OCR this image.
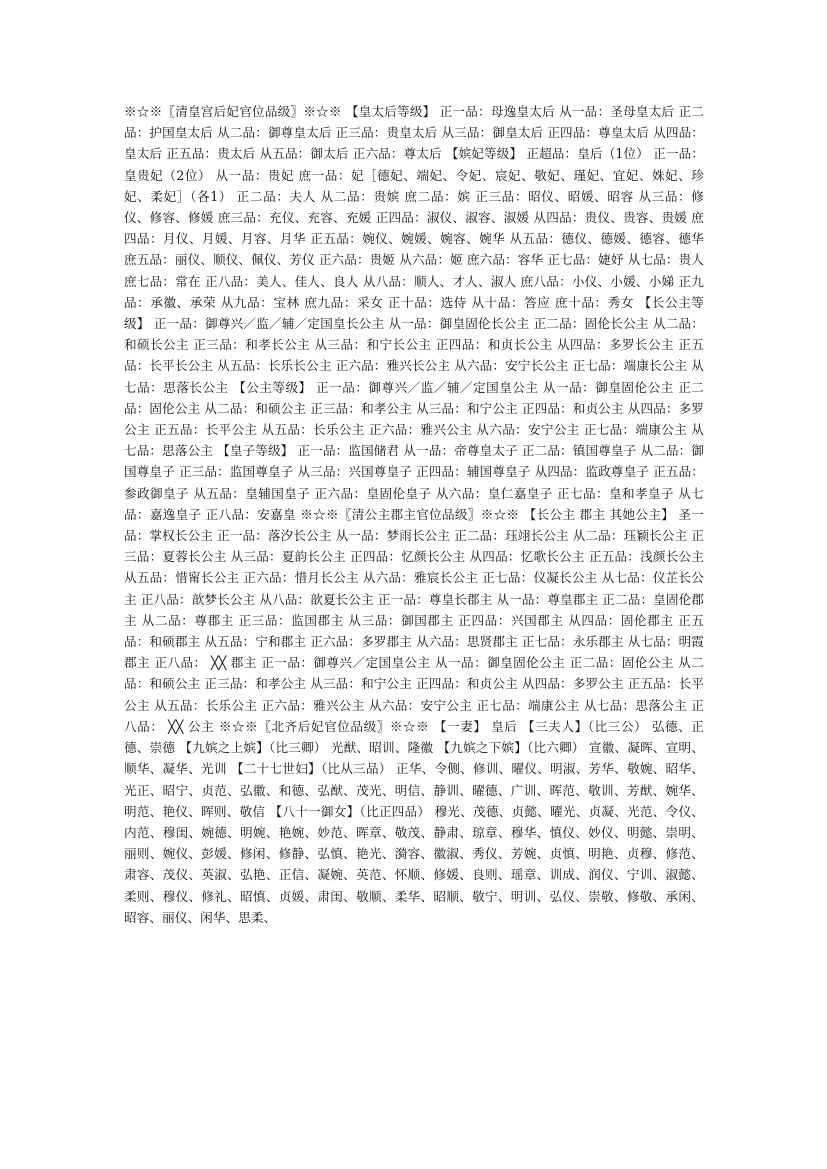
※☆※〖清皇宫后妃官位品级〗※☆※ 【皇太后等级】 正一品：母逸皇太后 从一品：圣母皇太后 正二品：护国皇太后 从二品：御尊皇太后 正三品：贵皇太后 从三品：御皇太后 正四品：尊皇太后 从四品：皇太后 正五品：贵太后 从五品：御太后 正六品：尊太后 【嫔妃等级】 正超品：皇后（1位） 正一品：皇贵妃（2位） 从一品：贵妃 庶一品：妃［德妃、端妃、令妃、宸妃、敬妃、瑾妃、宜妃、姝妃、珍妃、柔妃］（各1） 正二品：夫人 从二品：贵嫔 庶二品：嫔 正三品：昭仪、昭媛、昭容 从三品：修仪、修容、修媛 庶三品：充仪、充容、充媛 正四品：淑仪、淑容、淑媛 从四品：贵仪、贵容、贵媛 庶四品：月仪、月媛、月容、月华 正五品：婉仪、婉媛、婉容、婉华 从五品：德仪、德媛、德容、德华 庶五品：丽仪、顺仪、佩仪、芳仪 正六品：贵姬 从六品：姬 庶六品：容华 正七品：婕妤 从七品：贵人 庶七品：常在 正八品：美人、佳人、良人 从八品：顺人、才人、淑人 庶八品：小仪、小媛、小娣 正九品：承徽、承荣 从九品：宝林 庶九品：采女 正十品：选侍 从十品：答应 庶十品：秀女 【长公主等级】 正一品：御尊兴／监／辅／定国皇长公主 从一品：御皇固伦长公主 正二品：固伦长公主 从二品：和硕长公主 正三品：和孝长公主 从三品：和宁长公主 正四品：和贞长公主 从四品：多罗长公主 正五品：长平长公主 从五品：长乐长公主 正六品：雅兴长公主 从六品：安宁长公主 正七品：端康长公主 从七品：思落长公主 【公主等级】 正一品：御尊兴／监／辅／定国皇公主 从一品：御皇固伦公主 正二品：固伦公主 从二品：和硕公主 正三品：和孝公主 从三品：和宁公主 正四品：和贞公主 从四品：多罗公主 正五品：长平公主 从五品：长乐公主 正六品：雅兴公主 从六品：安宁公主 正七品：端康公主 从七品：思落公主 【皇子等级】 正一品：监国储君 从一品：帝尊皇太子 正二品：镇国尊皇子 从二品：御国尊皇子 正三品：监国尊皇子 从三品：兴国尊皇子 正四品：辅国尊皇子 从四品：监政尊皇子 正五品：参政御皇子 从五品：皇辅国皇子 正六品：皇固伦皇子 从六品：皇仁嘉皇子 正七品：皇和孝皇子 从七品：嘉逸皇子 正八品：安嘉皇 ※☆※〖清公主郡主官位品级〗※☆※ 【长公主 郡主 其她公主】 圣一品：掌权长公主 正一品：落汐长公主 从一品：梦雨长公主 正二品：珏翊长公主 从二品：珏颖长公主 正三品：夏蓉长公主 从三品：夏韵长公主 正四品：忆颜长公主 从四品：忆歌长公主 正五品：浅颜长公主 从五品：惜甯长公主 正六品：惜月长公主 从六品：雅宸长公主 正七品：仪凝长公主 从七品：仪芷长公主 正八品：歆梦长公主 从八品：歆夏长公主 正一品：尊皇长郡主 从一品：尊皇郡主 正二品：皇固伦郡主 从二品：尊郡主 正三品：监国郡主 从三品：御国郡主 正四品：兴国郡主 从四品：固伦郡主 正五品：和硕郡主 从五品：宁和郡主 正六品：多罗郡主 从六品：思贤郡主 正七品：永乐郡主 从七品：明霞郡主 正八品： ╳╳ 郡主 正一品：御尊兴／定国皇公主 从一品：御皇固伦公主 正二品：固伦公主 从二品：和硕公主 正三品：和孝公主 从三品：和宁公主 正四品：和贞公主 从四品：多罗公主 正五品：长平公主 从五品：长乐公主 正六品：雅兴公主 从六品：安宁公主 正七品：端康公主 从七品：思落公主 正八品： ╳╳ 公主 ※☆※〖北齐后妃官位品级〗※☆※ 【一妻】 皇后 【三夫人】（比三公） 弘德、正德、崇德 【九嫔之上嫔】（比三卿） 光猷、昭训、隆徽 【九嫔之下嫔】（比六卿） 宣徽、凝晖、宣明、顺华、凝华、光训 【二十七世妇】（比从三品） 正华、令侧、修训、曜仪、明淑、芳华、敬婉、昭华、光正、昭宁、贞范、弘徽、和德、弘猷、茂光、明信、静训、曜德、广训、晖范、敬训、芳猷、婉华、明范、艳仪、晖则、敬信 【八十一御女】（比正四品） 穆光、茂德、贞懿、曜光、贞凝、光范、令仪、内范、穆闺、婉德、明婉、艳婉、妙范、晖章、敬茂、静肃、琼章、穆华、慎仪、妙仪、明懿、崇明、丽则、婉仪、彭媛、修闲、修静、弘慎、艳光、漪容、徽淑、秀仪、芳婉、贞慎、明艳、贞穆、修范、肃容、茂仪、英淑、弘艳、正信、凝婉、英范、怀顺、修媛、良则、瑶章、训成、润仪、宁训、淑懿、柔则、穆仪、修礼、昭慎、贞媛、肃闺、敬顺、柔华、昭顺、敬宁、明训、弘仪、崇敬、修敬、承闲、昭容、丽仪、闲华、思柔、
